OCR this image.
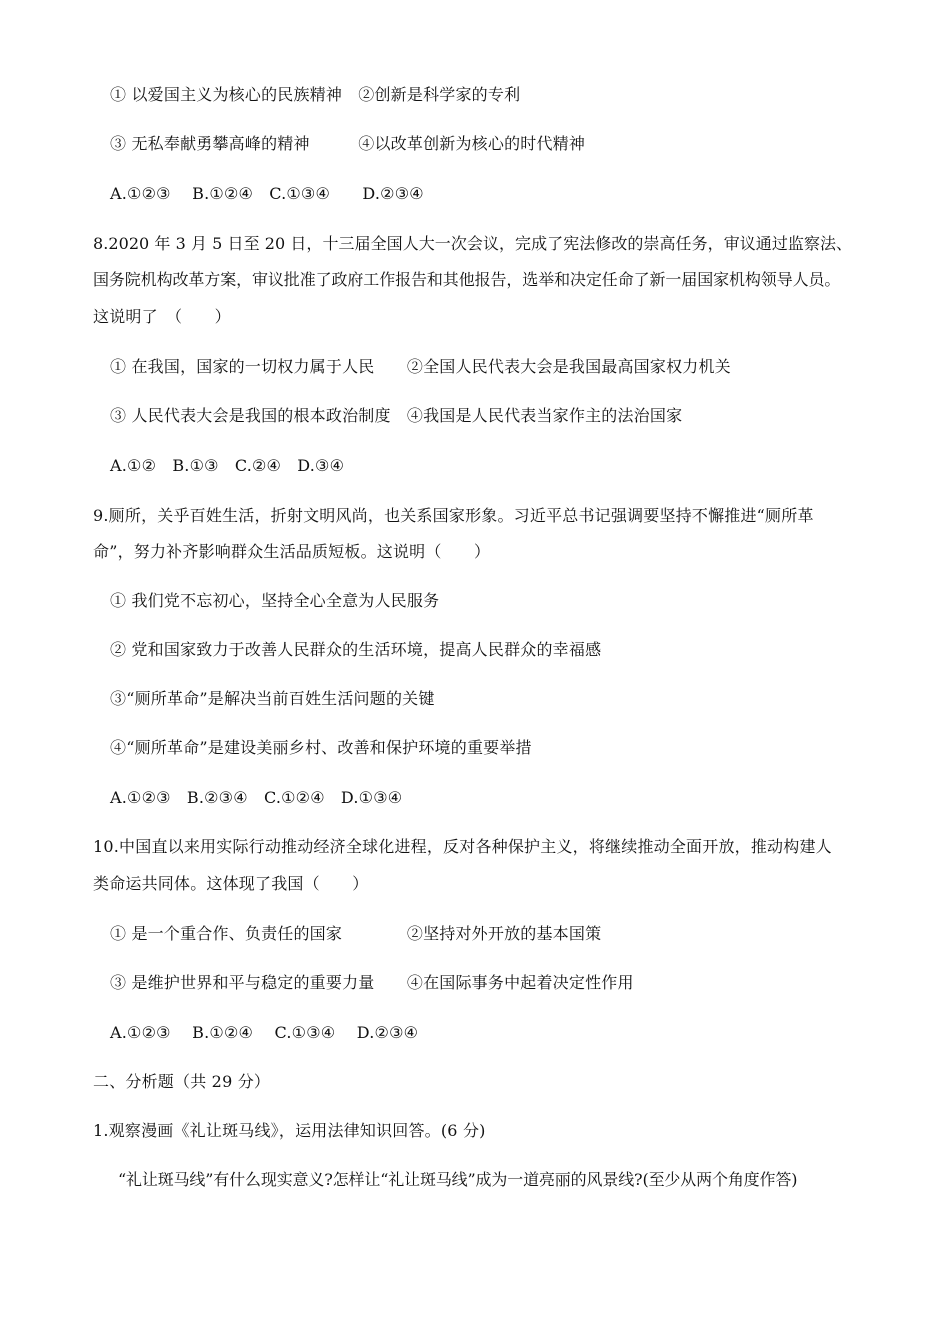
① 以爱国主义为核心的民族精神　②创新是科学家的专利
③ 无私奉献勇攀高峰的精神　　　④以改革创新为核心的时代精神
A.①②③　 B.①②④　C.①③④　　D.②③④
8.2020 年 3 月 5 日至 20 日，十三届全国人大一次会议，完成了宪法修改的崇高任务，审议通过监察法、
国务院机构改革方案，审议批准了政府工作报告和其他报告，选举和决定任命了新一届国家机构领导人员。
这说明了　（　　）
① 在我国，国家的一切权力属于人民　　②全国人民代表大会是我国最高国家权力机关
③ 人民代表大会是我国的根本政治制度　④我国是人民代表当家作主的法治国家
A.①②　B.①③　C.②④　D.③④
9.厕所，关乎百姓生活，折射文明风尚，也关系国家形象。习近平总书记强调要坚持不懈推进“厕所革
命”，努力补齐影响群众生活品质短板。这说明（　　）
① 我们党不忘初心，坚持全心全意为人民服务
② 党和国家致力于改善人民群众的生活环境，提高人民群众的幸福感
③“厕所革命”是解决当前百姓生活问题的关键
④“厕所革命”是建设美丽乡村、改善和保护环境的重要举措
A.①②③　B.②③④　C.①②④　D.①③④
10.中国直以来用实际行动推动经济全球化进程，反对各种保护主义，将继续推动全面开放，推动构建人
类命运共同体。这体现了我国（　　）
① 是一个重合作、负责任的国家　　　　②坚持对外开放的基本国策
③ 是维护世界和平与稳定的重要力量　　④在国际事务中起着决定性作用
A.①②③　 B.①②④　 C.①③④　 D.②③④
二、分析题（共 29 分）
1.观察漫画《礼让斑马线》，运用法律知识回答。(6 分)
“礼让斑马线”有什么现实意义?怎样让“礼让斑马线”成为一道亮丽的风景线?(至少从两个角度作答)
